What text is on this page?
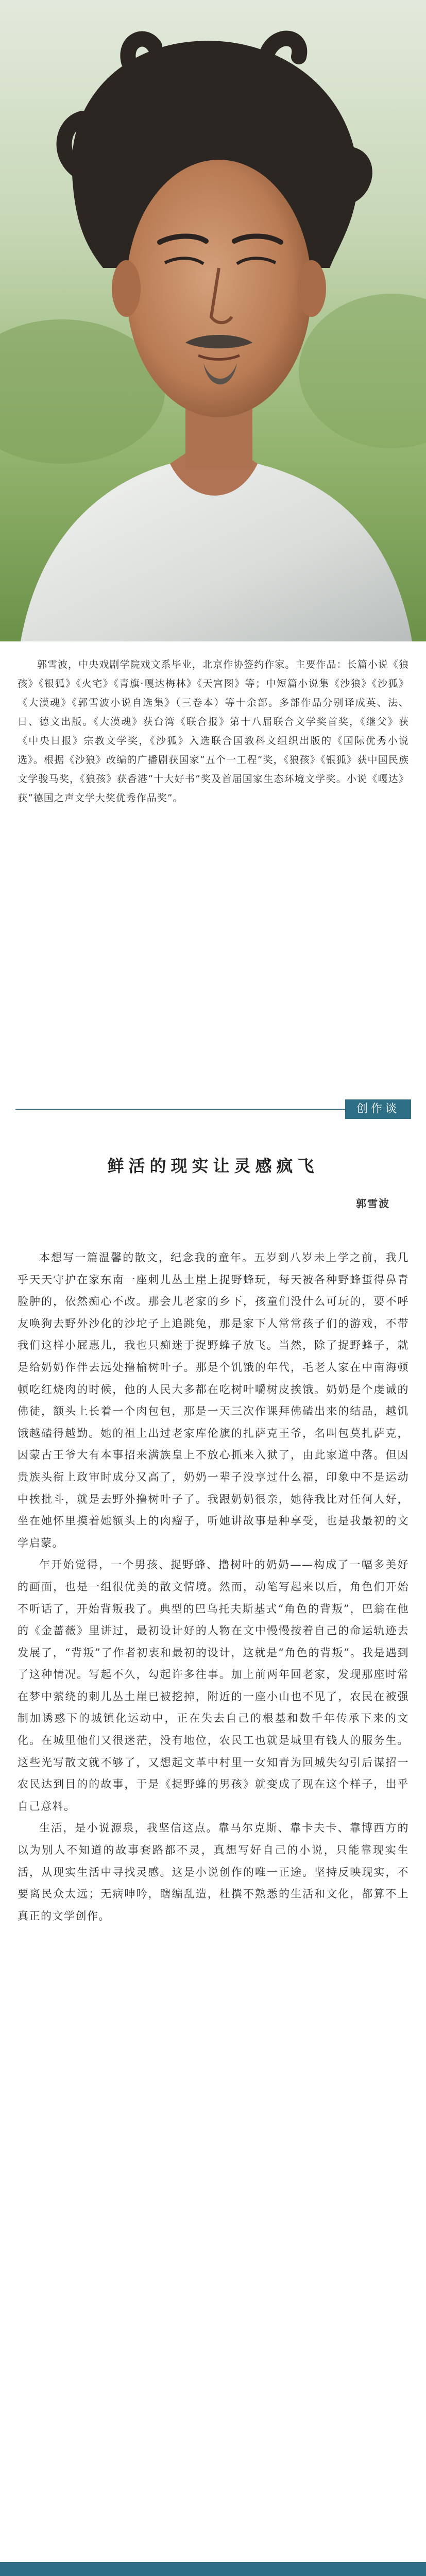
郭雪波，中央戏剧学院戏文系毕业，北京作协签约作家。主要作品：长篇小说《狼孩》《银狐》《火宅》《青旗·嘎达梅林》《天宫图》等；中短篇小说集《沙狼》《沙狐》《大漠魂》《郭雪波小说自选集》（三卷本）等十余部。多部作品分别译成英、法、日、德文出版。《大漠魂》获台湾《联合报》第十八届联合文学奖首奖，《继父》获《中央日报》宗教文学奖，《沙狐》入选联合国教科文组织出版的《国际优秀小说选》。根据《沙狼》改编的广播剧获国家“五个一工程”奖，《狼孩》《银狐》获中国民族文学骏马奖，《狼孩》获香港“十大好书”奖及首届国家生态环境文学奖。小说《嘎达》获“德国之声文学大奖优秀作品奖”。
创作谈
鲜活的现实让灵感疯飞
郭雪波

本想写一篇温馨的散文，纪念我的童年。五岁到八岁未上学之前，我几乎天天守护在家东南一座刺儿丛土崖上捉野蜂玩，每天被各种野蜂蜇得鼻青脸肿的，依然痴心不改。那会儿老家的乡下，孩童们没什么可玩的，要不呼友唤狗去野外沙化的沙坨子上追跳兔，那是家下人常常孩子们的游戏，不带我们这样小屁惠儿，我也只痴迷于捉野蜂子放飞。当然，除了捉野蜂子，就是给奶奶作伴去远处撸榆树叶子。那是个饥饿的年代，毛老人家在中南海顿顿吃红烧肉的时候，他的人民大多都在吃树叶嚼树皮挨饿。奶奶是个虔诚的佛徒，额头上长着一个肉包包，那是一天三次作课拜佛磕出来的结晶，越饥饿越磕得越勤。她的祖上出过老家库伦旗的扎萨克王爷，名叫包莫扎萨克，因蒙古王爷大有本事招来满族皇上不放心抓来入狱了，由此家道中落。但因贵族头衔上政审时成分又高了，奶奶一辈子没享过什么福，印象中不是运动中挨批斗，就是去野外撸树叶子了。我跟奶奶很亲，她待我比对任何人好，坐在她怀里摸着她额头上的肉瘤子，听她讲故事是种享受，也是我最初的文学启蒙。

乍开始觉得，一个男孩、捉野蜂、撸树叶的奶奶——构成了一幅多美好的画面，也是一组很优美的散文情境。然而，动笔写起来以后，角色们开始不听话了，开始背叛我了。典型的巴乌托夫斯基式“角色的背叛”，巴翁在他的《金蔷薇》里讲过，最初设计好的人物在文中慢慢按着自己的命运轨迹去发展了，“背叛”了作者初衷和最初的设计，这就是“角色的背叛”。我是遇到了这种情况。写起不久，勾起许多往事。加上前两年回老家，发现那座时常在梦中萦绕的刺儿丛土崖已被挖掉，附近的一座小山也不见了，农民在被强制加诱惑下的城镇化运动中，正在失去自己的根基和数千年传承下来的文化。在城里他们又很迷茫，没有地位，农民工也就是城里有钱人的服务生。这些光写散文就不够了，又想起文革中村里一女知青为回城失勾引后谋招一农民达到目的的故事，于是《捉野蜂的男孩》就变成了现在这个样子，出乎自己意料。

生活，是小说源泉，我坚信这点。靠马尔克斯、靠卡夫卡、靠博西方的以为别人不知道的故事套路都不灵，真想写好自己的小说，只能靠现实生活，从现实生活中寻找灵感。这是小说创作的唯一正途。坚持反映现实，不要离民众太远；无病呻吟，瞎编乱造，杜撰不熟悉的生活和文化，都算不上真正的文学创作。
